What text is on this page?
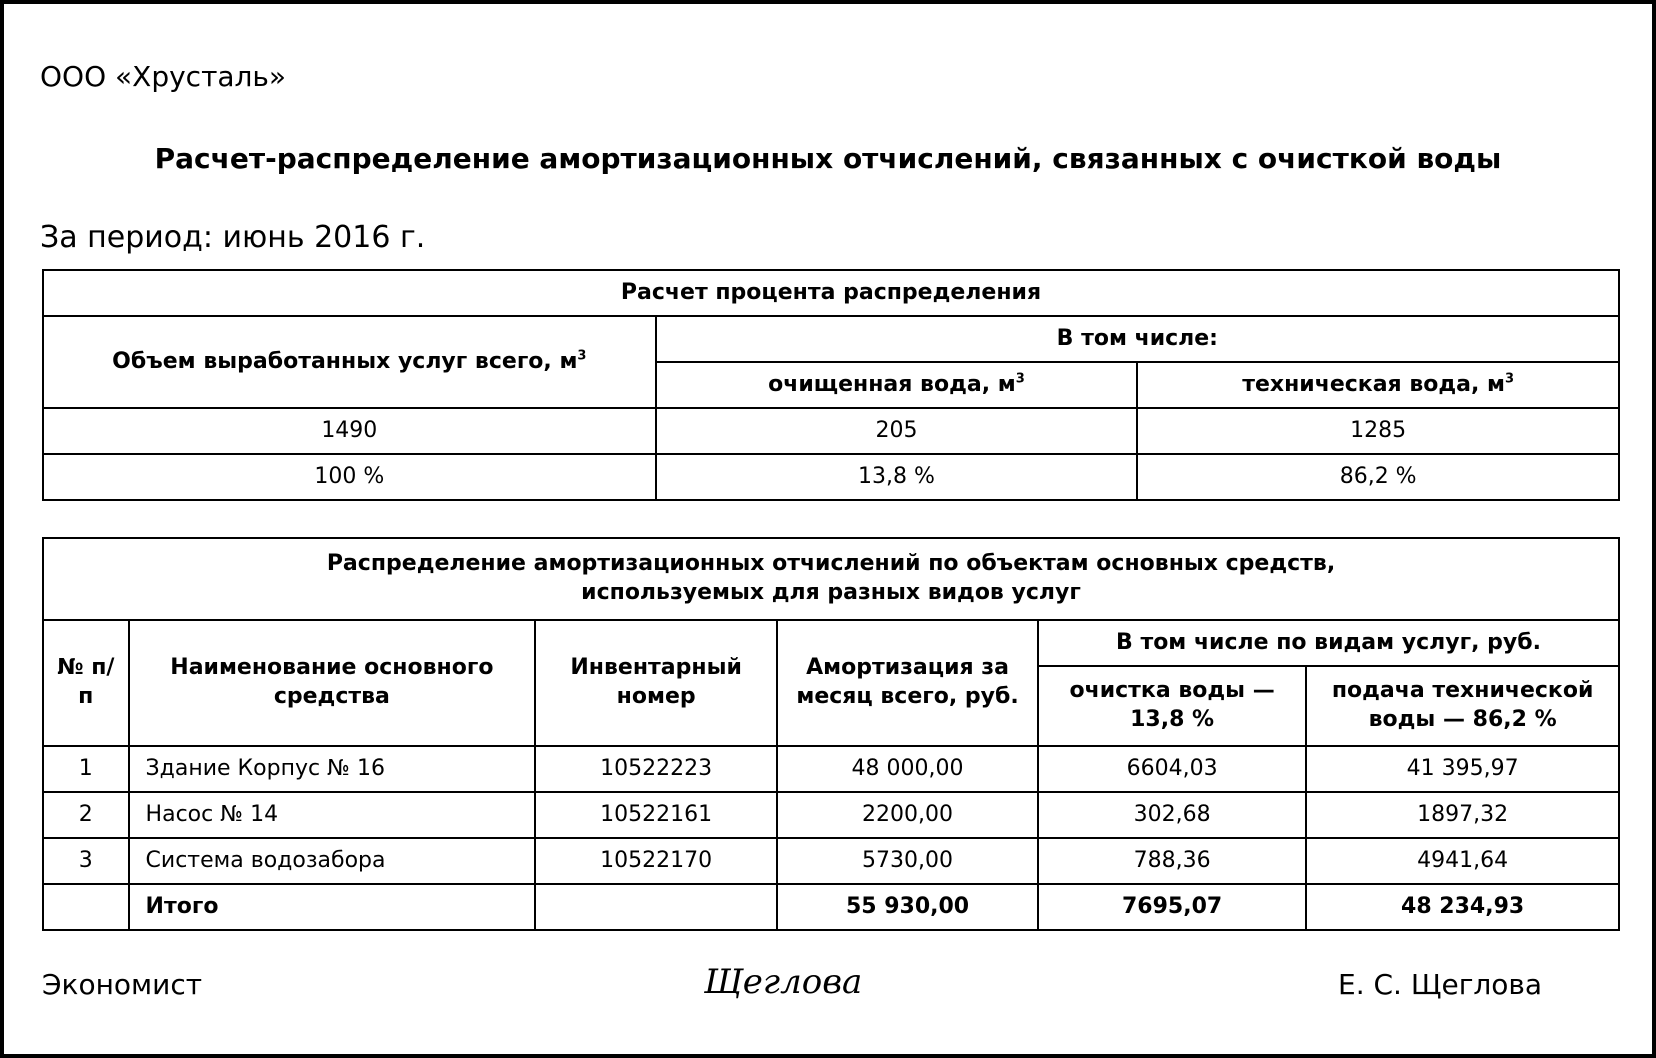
ООО «Хрусталь»
Расчет-распределение амортизационных отчислений, связанных с очисткой воды
За период: июнь 2016 г.
Расчет процента распределения		
Объем выработанных услуг всего, $м^3$	В том числе:	
	очищенная вода, $м^3$	техническая вода, $м^3$
1490	205	1285
100 %	13,8 %	86,2 %
Распределение амортизационных отчислений по объектам основных средств,
используемых для разных видов услуг					
№ п/п	Наименование основного средства	Инвентарный номер	Амортизация за месяц всего, руб.	В том числе по видам услуг, руб.	
				очистка воды — 13,8 %	подача технической воды — 86,2 %
1	Здание Корпус № 16	10522223	48 000,00	6604,03	41 395,97
2	Насос № 14	10522161	2200,00	302,68	1897,32
3	Система водозабора	10522170	5730,00	788,36	4941,64
	Итого		55 930,00	7695,07	48 234,93
Экономист	Щеглова	Е. С. Щеглова
